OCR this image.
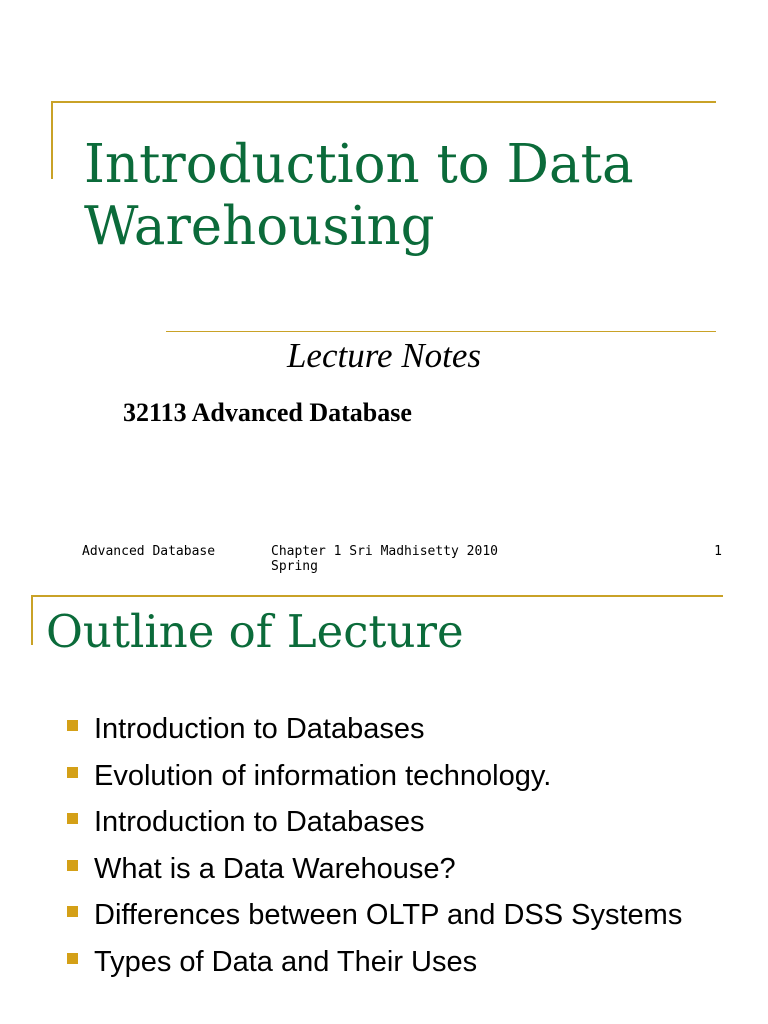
Introduction to Data
Warehousing
Lecture Notes
32113 Advanced Database
Advanced Database	Chapter 1 Sri Madhisetty 2010 Spring
1
Outline of Lecture
Introduction to Databases
Evolution of information technology.
Introduction to Databases
What is a Data Warehouse?
Differences between OLTP and DSS Systems
Types of Data and Their Uses
